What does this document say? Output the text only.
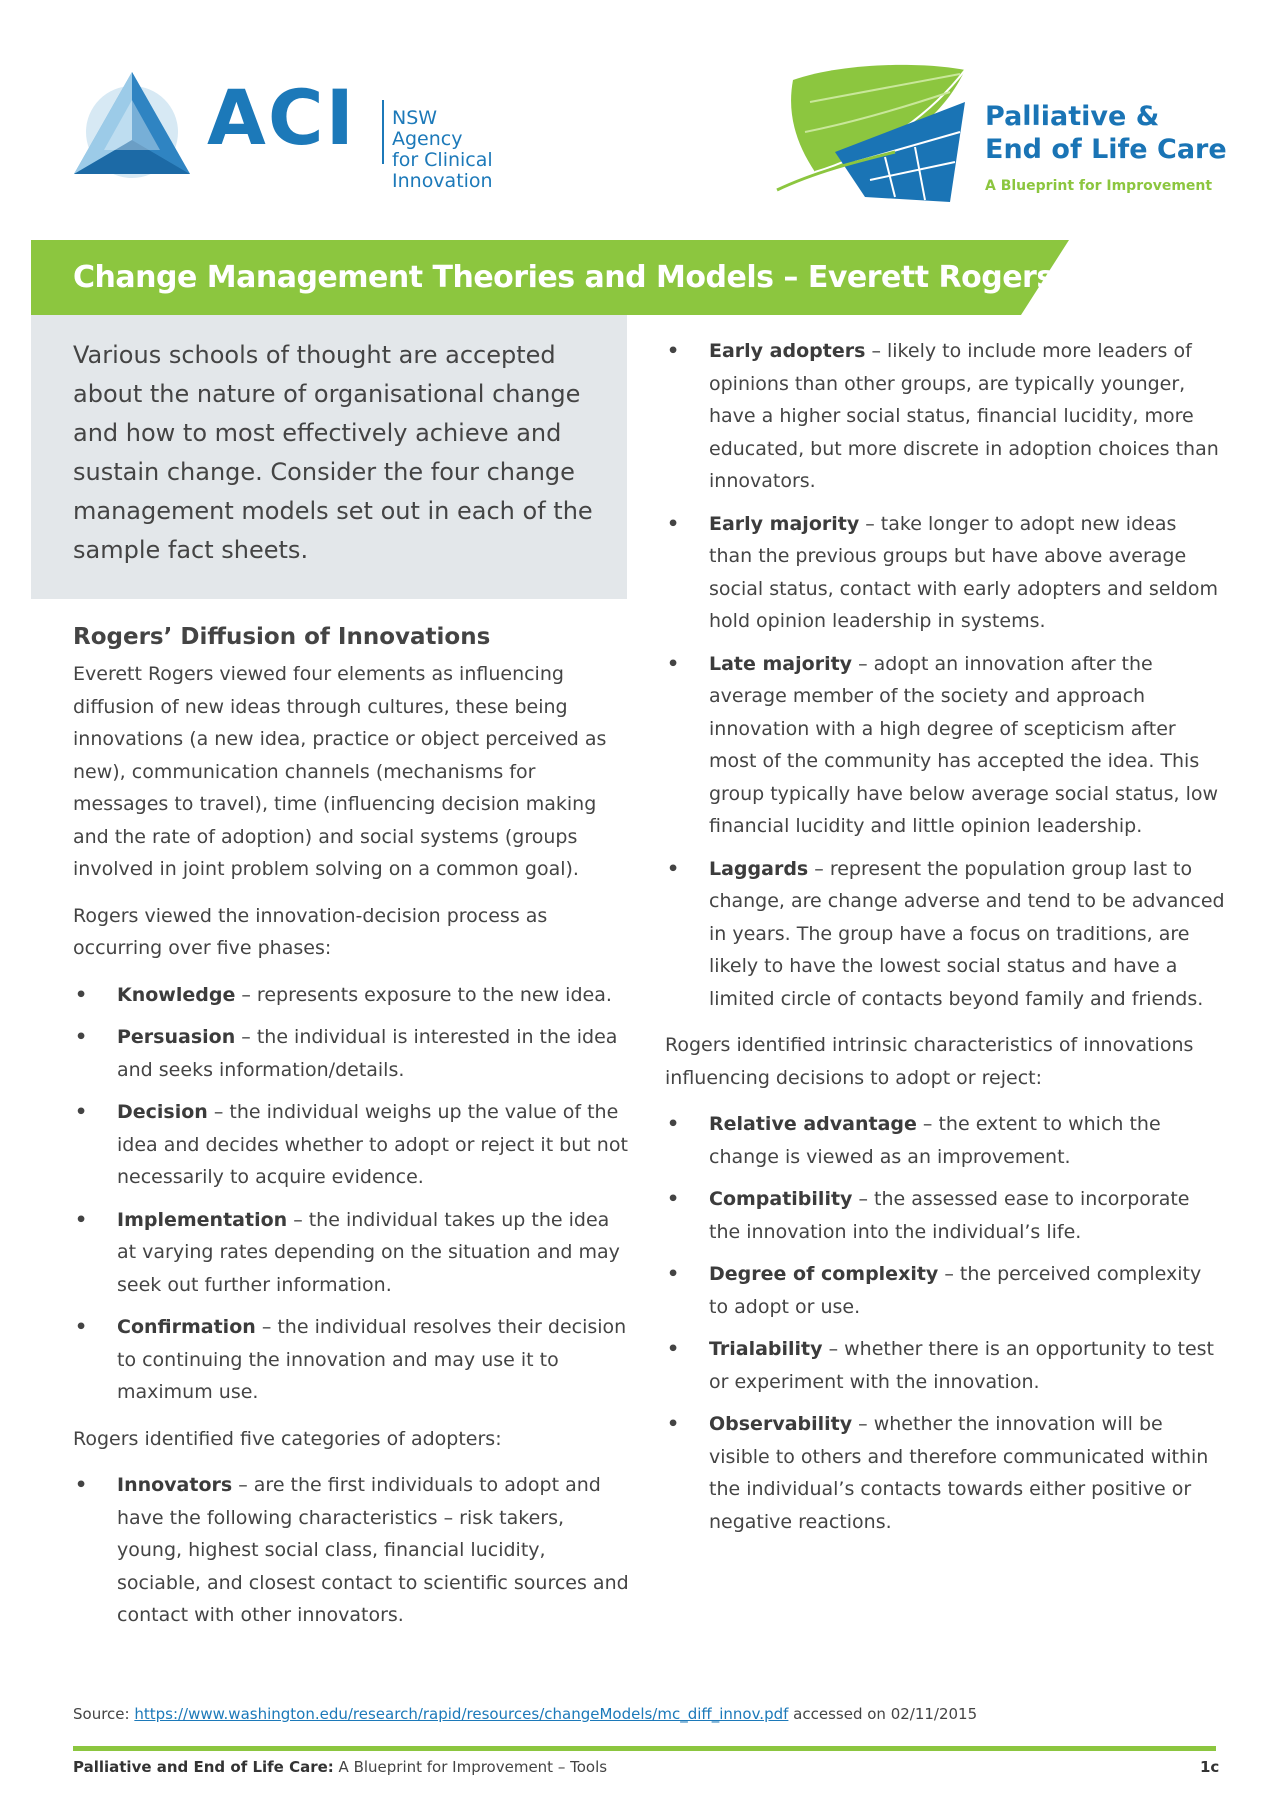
ACI NSW Agency
for Clinical
Innovation
Palliative &
End of Life Care
A Blueprint for Improvement
Change Management Theories and Models – Everett Rogers
Various schools of thought are accepted about the nature of organisational change and how to most effectively achieve and sustain change. Consider the four change management models set out in each of the sample fact sheets.
Rogers’ Diffusion of Innovations

Everett Rogers viewed four elements as influencing diffusion of new ideas through cultures, these being innovations (a new idea, practice or object perceived as new), communication channels (mechanisms for messages to travel), time (influencing decision making and the rate of adoption) and social systems (groups involved in joint problem solving on a common goal).

Rogers viewed the innovation-decision process as occurring over five phases:

• Knowledge – represents exposure to the new idea.
• Persuasion – the individual is interested in the idea and seeks information/details.
• Decision – the individual weighs up the value of the idea and decides whether to adopt or reject it but not necessarily to acquire evidence.
• Implementation – the individual takes up the idea at varying rates depending on the situation and may seek out further information.
• Confirmation – the individual resolves their decision to continuing the innovation and may use it to maximum use.

Rogers identified five categories of adopters:

• Innovators – are the first individuals to adopt and have the following characteristics – risk takers, young, highest social class, financial lucidity, sociable, and closest contact to scientific sources and contact with other innovators.
• Early adopters – likely to include more leaders of opinions than other groups, are typically younger, have a higher social status, financial lucidity, more educated, but more discrete in adoption choices than innovators.
• Early majority – take longer to adopt new ideas than the previous groups but have above average social status, contact with early adopters and seldom hold opinion leadership in systems.
• Late majority – adopt an innovation after the average member of the society and approach innovation with a high degree of scepticism after most of the community has accepted the idea. This group typically have below average social status, low financial lucidity and little opinion leadership.
• Laggards – represent the population group last to change, are change adverse and tend to be advanced in years. The group have a focus on traditions, are likely to have the lowest social status and have a limited circle of contacts beyond family and friends.

Rogers identified intrinsic characteristics of innovations influencing decisions to adopt or reject:

• Relative advantage – the extent to which the change is viewed as an improvement.
• Compatibility – the assessed ease to incorporate the innovation into the individual’s life.
• Degree of complexity – the perceived complexity to adopt or use.
• Trialability – whether there is an opportunity to test or experiment with the innovation.
• Observability – whether the innovation will be visible to others and therefore communicated within the individual’s contacts towards either positive or negative reactions.
Source: https://www.washington.edu/research/rapid/resources/changeModels/mc_diff_innov.pdf accessed on 02/11/2015
Palliative and End of Life Care: A Blueprint for Improvement – Tools	1c
